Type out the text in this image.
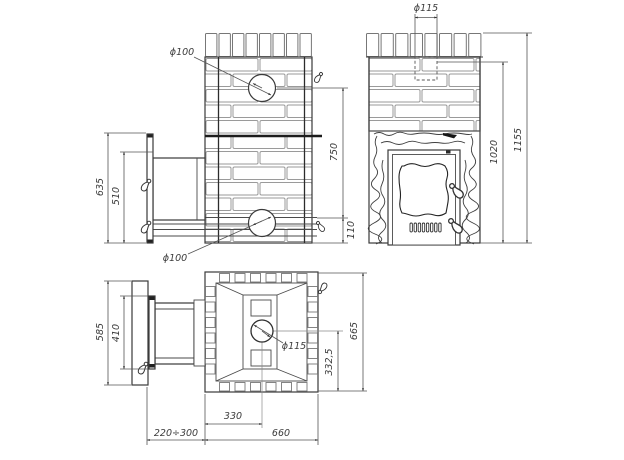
635 510
750
110
ϕ100
ϕ100
ϕ115
1020 1155
585 410	665
332,5
330
220÷300	660
ϕ115
